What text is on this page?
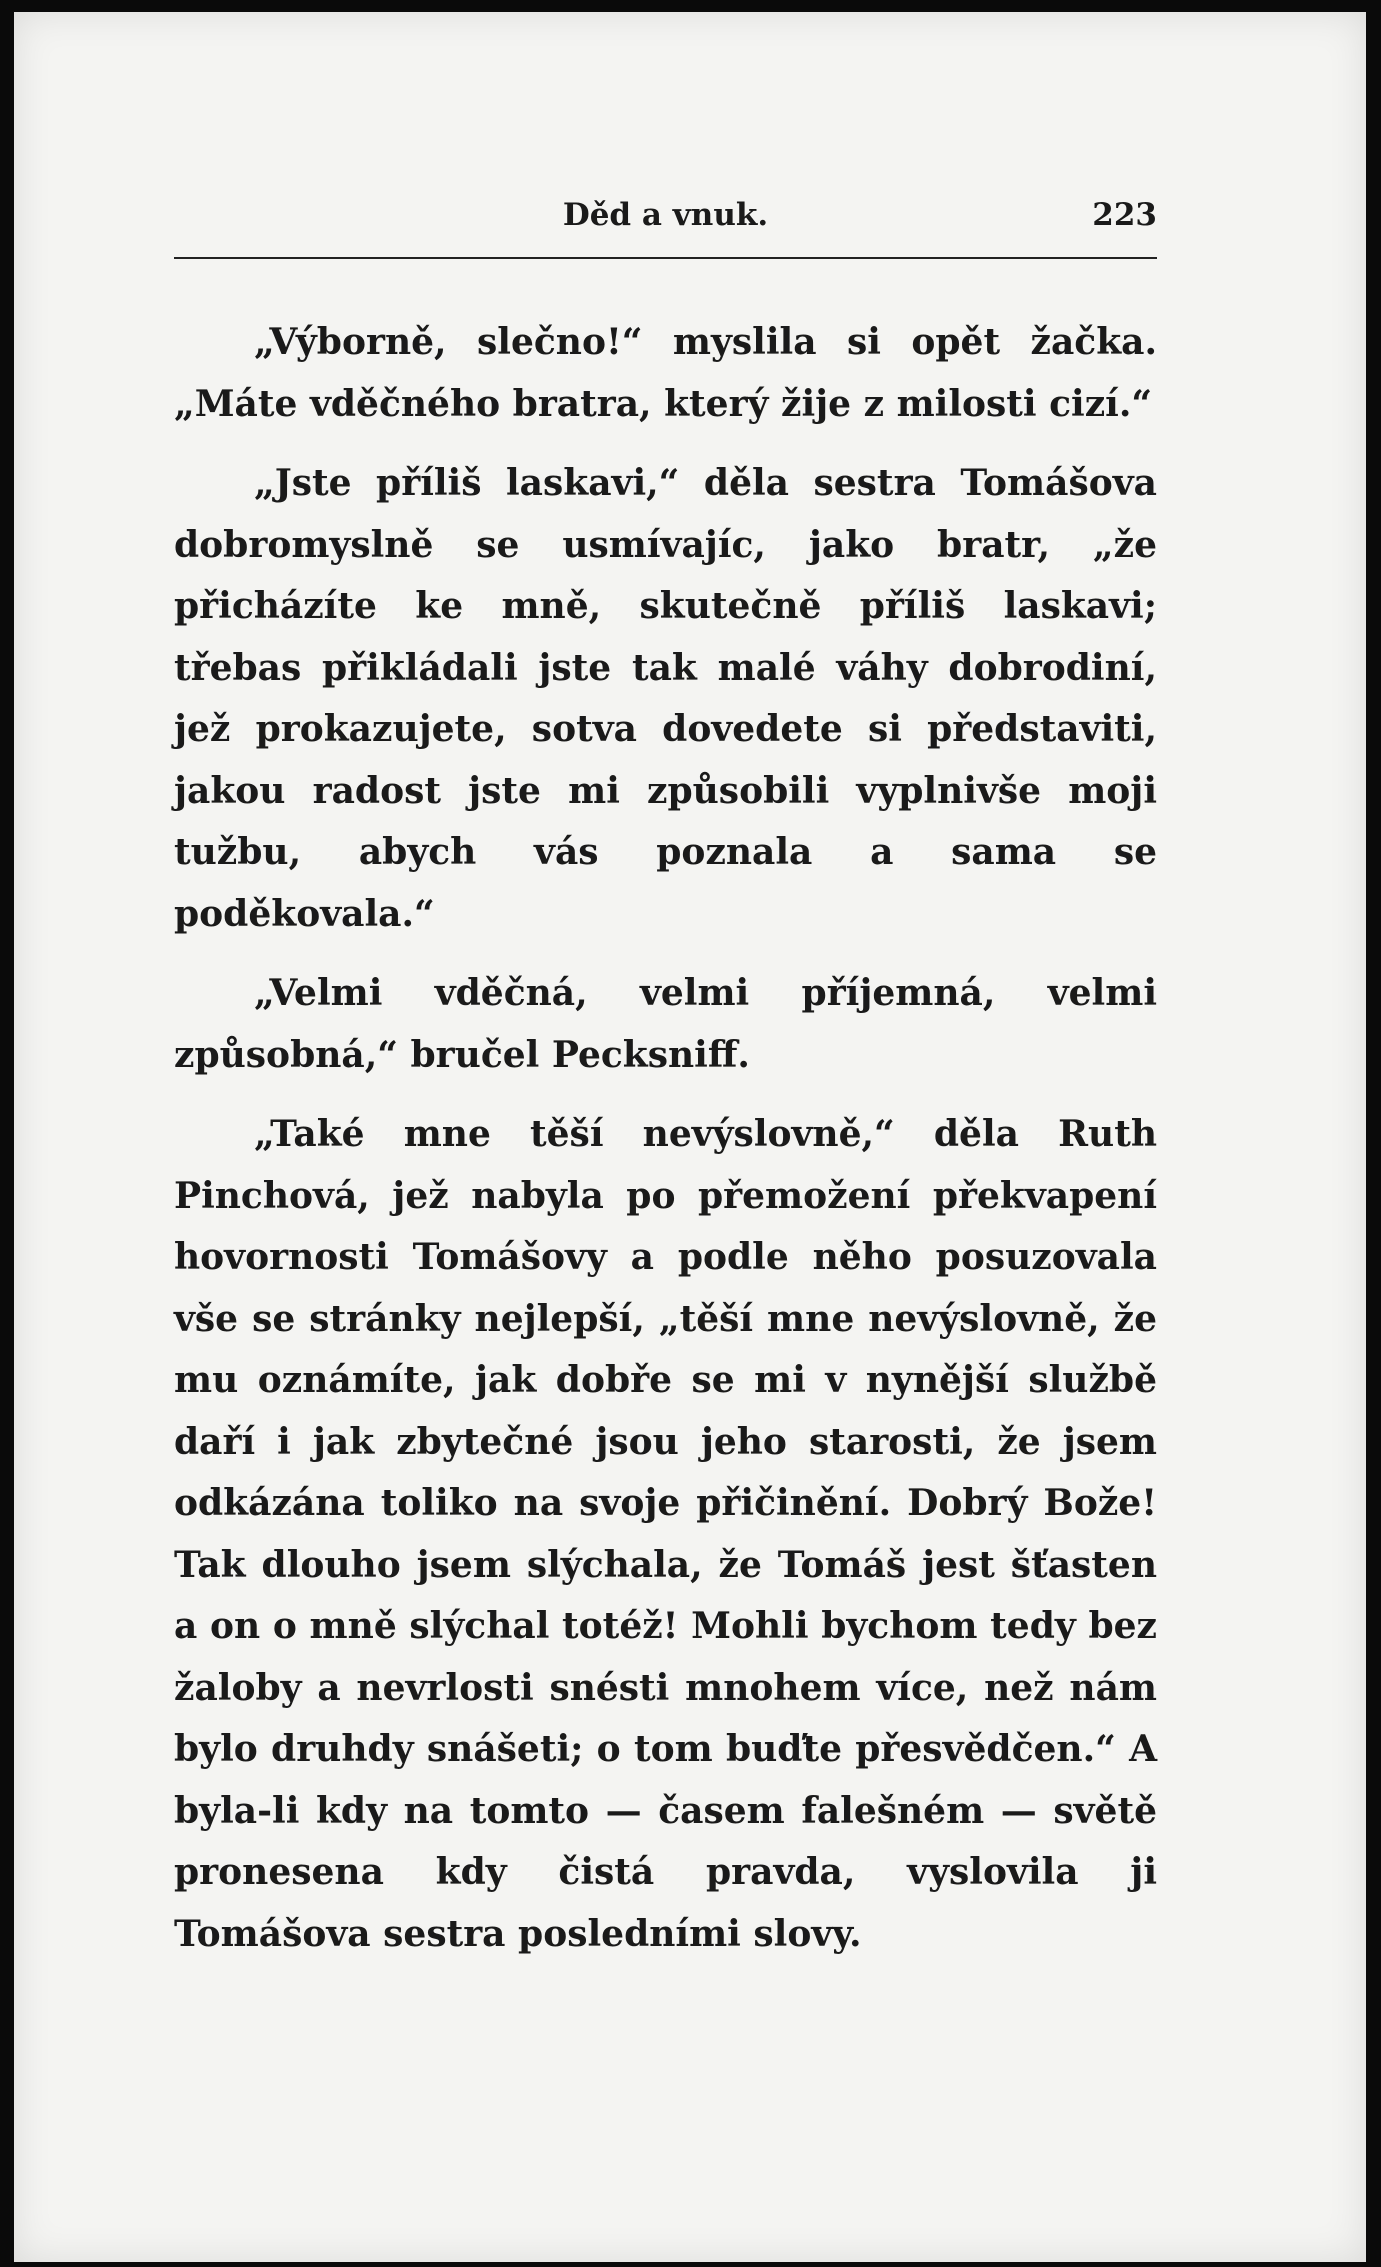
Děd a vnuk.	223

„Výborně, slečno!“ myslila si opět žačka. „Máte vděčného bratra, který žije z milosti cizí.“

„Jste příliš laskavi,“ děla sestra Tomášova dobromyslně se usmívajíc, jako bratr, „že přicházíte ke mně, skutečně příliš laskavi; třebas přikládali jste tak malé váhy dobrodiní, jež prokazujete, sotva dovedete si představiti, jakou radost jste mi způsobili vyplnivše moji tužbu, abych vás poznala a sama se poděkovala.“

„Velmi vděčná, velmi příjemná, velmi způsobná,“ bručel Pecksniff.

„Také mne těší nevýslovně,“ děla Ruth Pinchová, jež nabyla po přemožení překvapení hovornosti Tomášovy a podle něho posuzovala vše se stránky nejlepší, „těší mne nevýslovně, že mu oznámíte, jak dobře se mi v nynější službě daří i jak zbytečné jsou jeho starosti, že jsem odkázána toliko na svoje přičinění. Dobrý Bože! Tak dlouho jsem slýchala, že Tomáš jest šťasten a on o mně slýchal totéž! Mohli bychom tedy bez žaloby a nevrlosti snésti mnohem více, než nám bylo druhdy snášeti; o tom buďte přesvědčen.“ A byla-li kdy na tomto — časem falešném — světě pronesena kdy čistá pravda, vyslovila ji Tomášova sestra posledními slovy.
